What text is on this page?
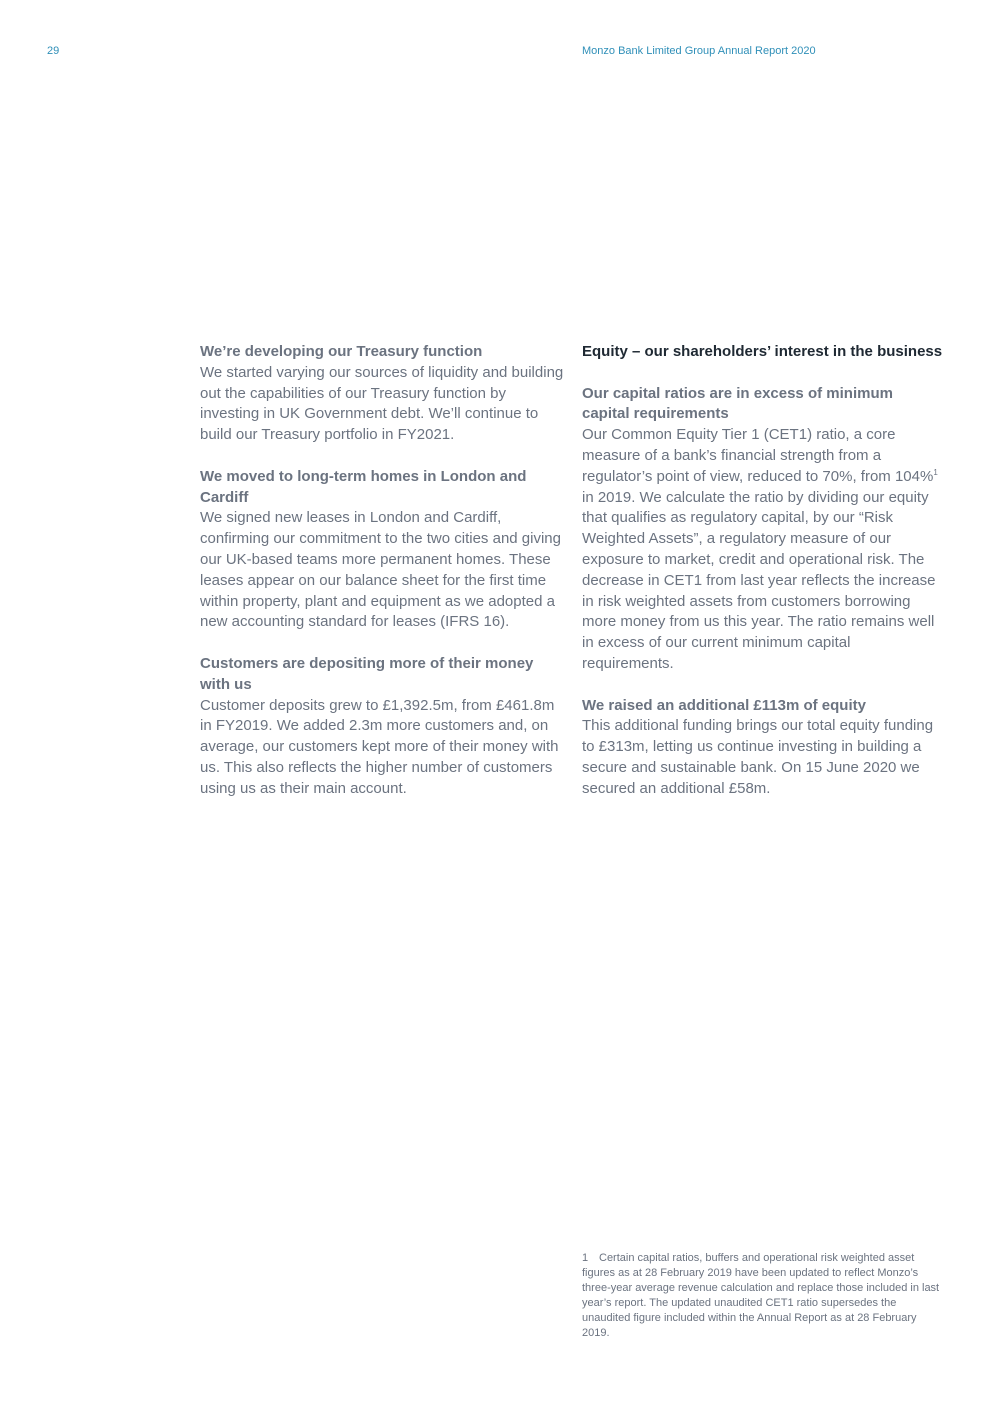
29	Monzo Bank Limited Group Annual Report 2020

We’re developing our Treasury function

We started varying our sources of liquidity and building out the capabilities of our Treasury function by investing in UK Government debt. We’ll continue to build our Treasury portfolio in FY2021.

We moved to long-term homes in London and Cardiff

We signed new leases in London and Cardiff, confirming our commitment to the two cities and giving our UK-based teams more permanent homes. These leases appear on our balance sheet for the first time within property, plant and equipment as we adopted a new accounting standard for leases (IFRS 16).

Customers are depositing more of their money with us

Customer deposits grew to £1,392.5m, from £461.8m in FY2019. We added 2.3m more customers and, on average, our customers kept more of their money with us. This also reflects the higher number of customers using us as their main account.

Equity – our shareholders’ interest in the business

Our capital ratios are in excess of minimum capital requirements

Our Common Equity Tier 1 (CET1) ratio, a core measure of a bank’s financial strength from a regulator’s point of view, reduced to 70%, from 104%$^1$ in 2019. We calculate the ratio by dividing our equity that qualifies as regulatory capital, by our “Risk Weighted Assets”, a regulatory measure of our exposure to market, credit and operational risk. The decrease in CET1 from last year reflects the increase in risk weighted assets from customers borrowing more money from us this year. The ratio remains well in excess of our current minimum capital requirements.

We raised an additional £113m of equity

This additional funding brings our total equity funding to £313m, letting us continue investing in building a secure and sustainable bank. On 15 June 2020 we secured an additional £58m.

1 Certain capital ratios, buffers and operational risk weighted asset figures as at 28 February 2019 have been updated to reflect Monzo’s three-year average revenue calculation and replace those included in last year’s report. The updated unaudited CET1 ratio supersedes the unaudited figure included within the Annual Report as at 28 February 2019.
